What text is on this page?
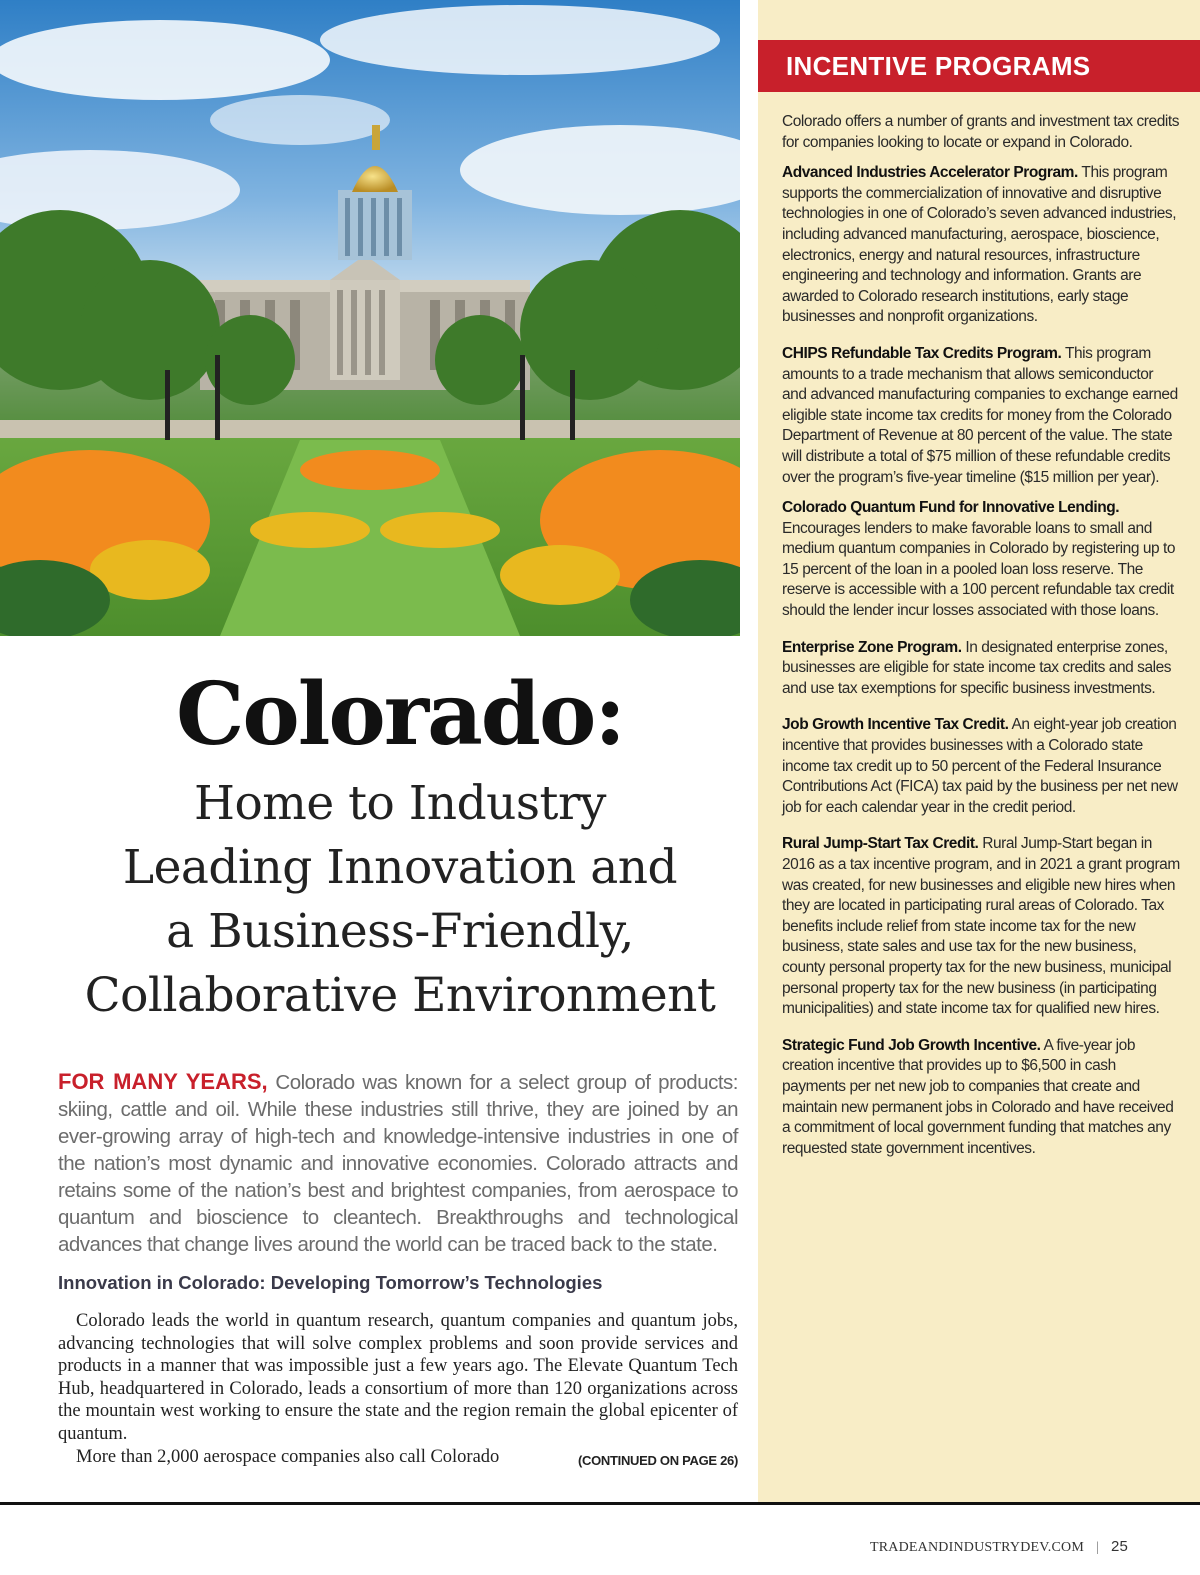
INCENTIVE PROGRAMS

Colorado offers a number of grants and investment tax credits for companies looking to locate or expand in Colorado.

Advanced Industries Accelerator Program. This program supports the commercialization of innovative and disruptive technologies in one of Colorado’s seven advanced industries, including advanced manufacturing, aerospace, bioscience, electronics, energy and natural resources, infrastructure engineering and technology and information. Grants are awarded to Colorado research institutions, early stage businesses and nonprofit organizations.

CHIPS Refundable Tax Credits Program. This program amounts to a trade mechanism that allows semiconductor and advanced manufacturing companies to exchange earned eligible state income tax credits for money from the Colorado Department of Revenue at 80 percent of the value. The state will distribute a total of $75 million of these refundable credits over the program’s five-year timeline ($15 million per year).

Colorado Quantum Fund for Innovative Lending. Encourages lenders to make favorable loans to small and medium quantum companies in Colorado by registering up to 15 percent of the loan in a pooled loan loss reserve. The reserve is accessible with a 100 percent refundable tax credit should the lender incur losses associated with those loans.

Enterprise Zone Program. In designated enterprise zones, businesses are eligible for state income tax credits and sales and use tax exemptions for specific business investments.

Job Growth Incentive Tax Credit. An eight-year job creation incentive that provides businesses with a Colorado state income tax credit up to 50 percent of the Federal Insurance Contributions Act (FICA) tax paid by the business per net new job for each calendar year in the credit period.

Rural Jump-Start Tax Credit. Rural Jump-Start began in 2016 as a tax incentive program, and in 2021 a grant program was created, for new businesses and eligible new hires when they are located in participating rural areas of Colorado. Tax benefits include relief from state income tax for the new business, state sales and use tax for the new business, county personal property tax for the new business, municipal personal property tax for the new business (in participating municipalities) and state income tax for qualified new hires.

Strategic Fund Job Growth Incentive. A five-year job creation incentive that provides up to $6,500 in cash payments per net new job to companies that create and maintain new permanent jobs in Colorado and have received a commitment of local government funding that matches any requested state government incentives.

Colorado:
Home to Industry
Leading Innovation and
a Business-Friendly,
Collaborative Environment

FOR MANY YEARS, Colorado was known for a select group of products: skiing, cattle and oil. While these industries still thrive, they are joined by an ever-growing array of high-tech and knowledge-intensive industries in one of the nation’s most dynamic and innovative economies. Colorado attracts and retains some of the nation’s best and brightest companies, from aerospace to quantum and bioscience to cleantech. Breakthroughs and technological advances that change lives around the world can be traced back to the state.

Innovation in Colorado: Developing Tomorrow’s Technologies

Colorado leads the world in quantum research, quantum companies and quantum jobs, advancing technologies that will solve complex problems and soon provide services and products in a manner that was impossible just a few years ago. The Elevate Quantum Tech Hub, headquartered in Colorado, leads a consortium of more than 120 organizations across the mountain west working to ensure the state and the region remain the global epicenter of quantum.

More than 2,000 aerospace companies also call Colorado	(CONTINUED ON PAGE 26)

TRADEANDINDUSTRYDEV.COM | 25
